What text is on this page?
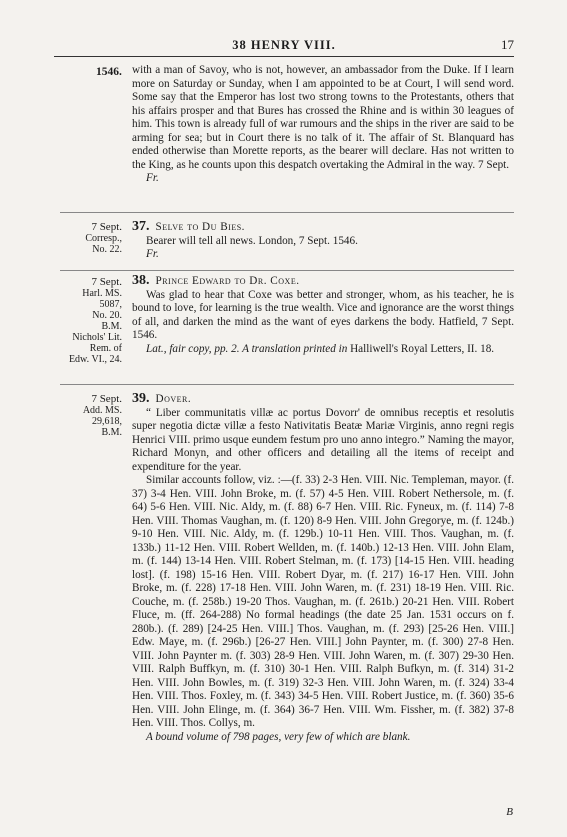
38 HENRY VIII.	17
1546. with a man of Savoy, who is not, however, an ambassador from the Duke. If I learn more on Saturday or Sunday, when I am appointed to be at Court, I will send word. Some say that the Emperor has lost two strong towns to the Protestants, others that his affairs prosper and that Bures has crossed the Rhine and is within 30 leagues of him. This town is already full of war rumours and the ships in the river are said to be arming for sea; but in Court there is no talk of it. The affair of St. Blanquard has ended otherwise than Morette reports, as the bearer will declare. Has not written to the King, as he counts upon this despatch overtaking the Admiral in the way. 7 Sept.

Fr.

7 Sept.
Corresp.,
No. 22.

37. Selve to Du Bies.

Bearer will tell all news. London, 7 Sept. 1546.

Fr.

7 Sept.
Harl. MS. 5087,
No. 20.
B.M.
Nichols' Lit.
Rem. of
Edw. VI., 24.

38. Prince Edward to Dr. Coxe.

Was glad to hear that Coxe was better and stronger, whom, as his teacher, he is bound to love, for learning is the true wealth. Vice and ignorance are the worst things of all, and darken the mind as the want of eyes darkens the body. Hatfield, 7 Sept. 1546.

Lat., fair copy, pp. 2. A translation printed in Halliwell's Royal Letters, II. 18.

7 Sept.
Add. MS.
29,618,
B.M.

39. Dover.

“ Liber communitatis villæ ac portus Dovorr' de omnibus receptis et resolutis super negotia dictæ villæ a festo Nativitatis Beatæ Mariæ Virginis, anno regni regis Henrici VIII. primo usque eundem festum pro uno anno integro.” Naming the mayor, Richard Monyn, and other officers and detailing all the items of receipt and expenditure for the year.

Similar accounts follow, viz. :—(f. 33) 2-3 Hen. VIII. Nic. Templeman, mayor. (f. 37) 3-4 Hen. VIII. John Broke, m. (f. 57) 4-5 Hen. VIII. Robert Nethersole, m. (f. 64) 5-6 Hen. VIII. Nic. Aldy, m. (f. 88) 6-7 Hen. VIII. Ric. Fyneux, m. (f. 114) 7-8 Hen. VIII. Thomas Vaughan, m. (f. 120) 8-9 Hen. VIII. John Gregorye, m. (f. 124b.) 9-10 Hen. VIII. Nic. Aldy, m. (f. 129b.) 10-11 Hen. VIII. Thos. Vaughan, m. (f. 133b.) 11-12 Hen. VIII. Robert Wellden, m. (f. 140b.) 12-13 Hen. VIII. John Elam, m. (f. 144) 13-14 Hen. VIII. Robert Stelman, m. (f. 173) [14-15 Hen. VIII. heading lost]. (f. 198) 15-16 Hen. VIII. Robert Dyar, m. (f. 217) 16-17 Hen. VIII. John Broke, m. (f. 228) 17-18 Hen. VIII. John Waren, m. (f. 231) 18-19 Hen. VIII. Ric. Couche, m. (f. 258b.) 19-20 Thos. Vaughan, m. (f. 261b.) 20-21 Hen. VIII. Robert Fluce, m. (ff. 264-288) No formal headings (the date 25 Jan. 1531 occurs on f. 280b.). (f. 289) [24-25 Hen. VIII.] Thos. Vaughan, m. (f. 293) [25-26 Hen. VIII.] Edw. Maye, m. (f. 296b.) [26-27 Hen. VIII.] John Paynter, m. (f. 300) 27-8 Hen. VIII. John Paynter m. (f. 303) 28-9 Hen. VIII. John Waren, m. (f. 307) 29-30 Hen. VIII. Ralph Buffkyn, m. (f. 310) 30-1 Hen. VIII. Ralph Bufkyn, m. (f. 314) 31-2 Hen. VIII. John Bowles, m. (f. 319) 32-3 Hen. VIII. John Waren, m. (f. 324) 33-4 Hen. VIII. Thos. Foxley, m. (f. 343) 34-5 Hen. VIII. Robert Justice, m. (f. 360) 35-6 Hen. VIII. John Elinge, m. (f. 364) 36-7 Hen. VIII. Wm. Fissher, m. (f. 382) 37-8 Hen. VIII. Thos. Collys, m.

A bound volume of 798 pages, very few of which are blank.

B
